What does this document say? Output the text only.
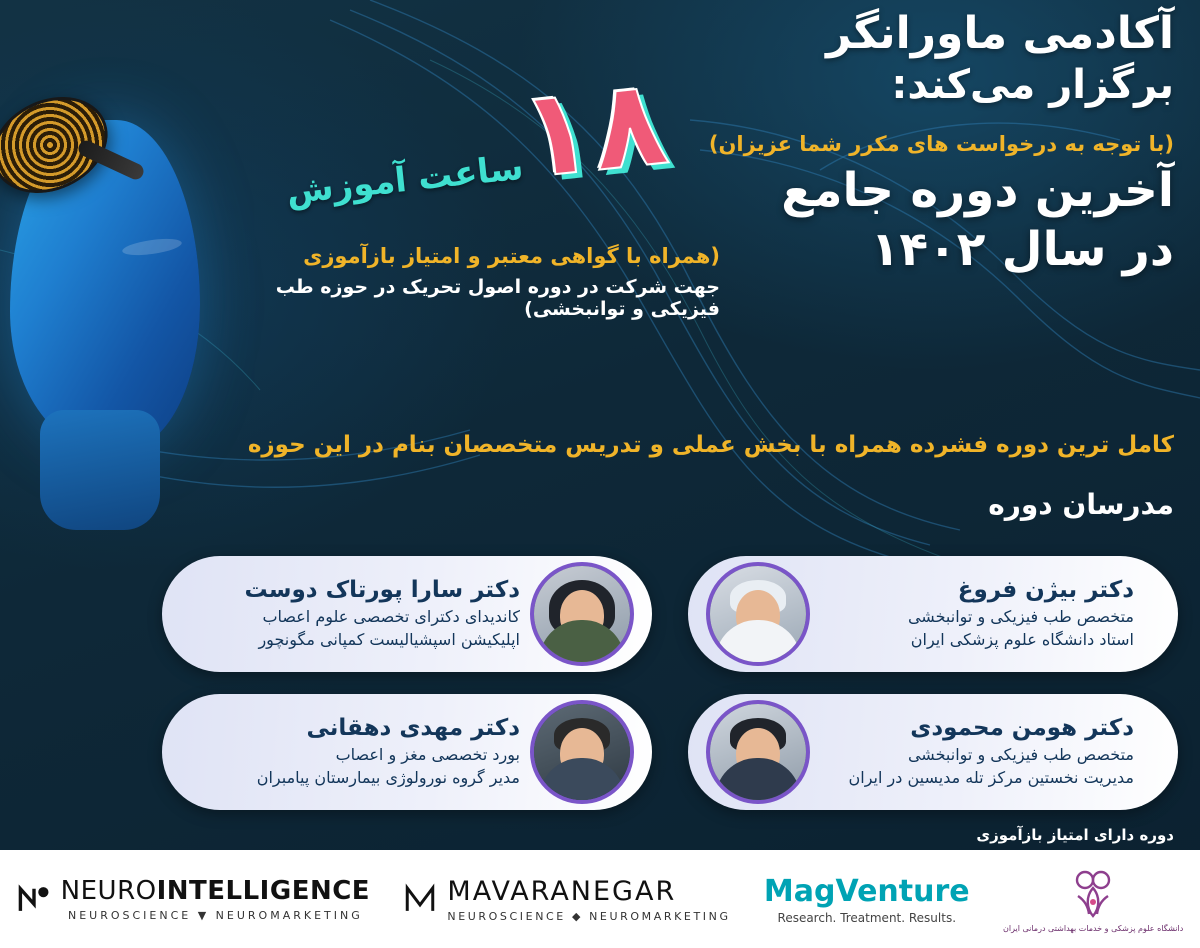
آکادمی ماورانگر
برگزار می‌کند:
(با توجه به درخواست های مکرر شما عزیزان)
آخرین دوره جامع
در سال ۱۴۰۲
۱۸
ساعت آموزش
(همراه با گواهی معتبر و امتیاز بازآموزی
جهت شرکت در دوره اصول تحریک در حوزه طب فیزیکی و توانبخشی)
کامل ترین دوره فشرده همراه با بخش عملی و تدریس متخصصان بنام در این حوزه
مدرسان دوره
دکتر بیژن فروغ
متخصص طب فیزیکی و توانبخشی
استاد دانشگاه علوم پزشکی ایران
دکتر سارا پورتاک دوست
کاندیدای دکترای تخصصی علوم اعصاب
اپلیکیشن اسپشیالیست کمپانی مگونچور
دکتر هومن محمودی
متخصص طب فیزیکی و توانبخشی
مدیریت نخستین مرکز تله مدیسین در ایران
دکتر مهدی دهقانی
بورد تخصصی مغز و اعصاب
مدیر گروه نورولوژی بیمارستان پیامبران
دوره دارای امتیاز بازآموزی
NEUROINTELLIGENCE
NEUROSCIENCE ▼ NEUROMARKETING
MAVARANEGAR
NEUROSCIENCE ◆ NEUROMARKETING
MagVenture
Research. Treatment. Results.
دانشگاه علوم پزشکی و خدمات بهداشتی درمانی ایران
